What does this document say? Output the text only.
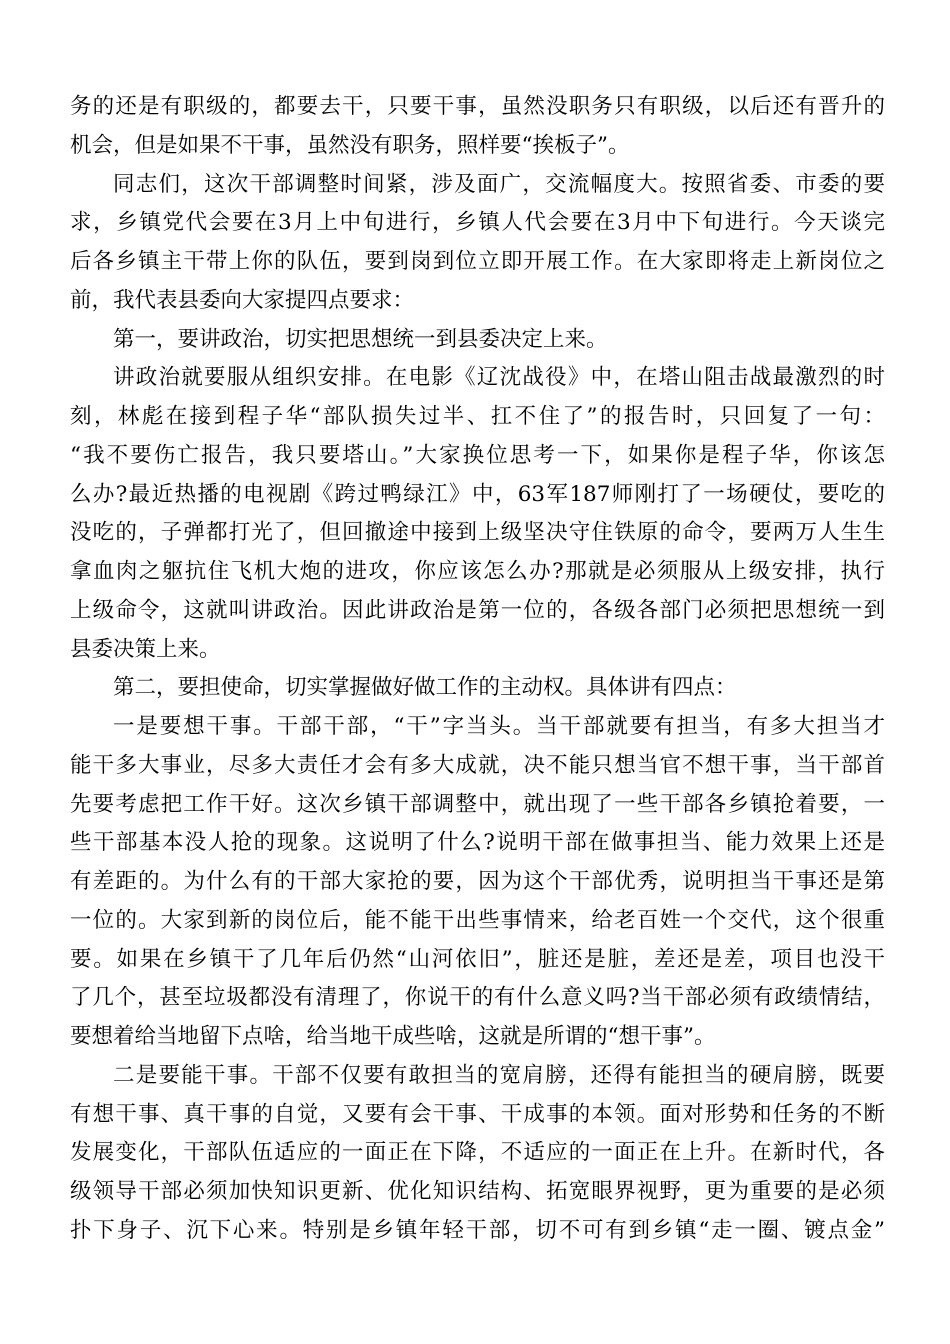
务的还是有职级的，都要去干，只要干事，虽然没职务只有职级，以后还有晋升的
机会，但是如果不干事，虽然没有职务，照样要“挨板子”。
同志们，这次干部调整时间紧，涉及面广，交流幅度大。按照省委、市委的要
求，乡镇党代会要在3月上中旬进行，乡镇人代会要在3月中下旬进行。今天谈完
后各乡镇主干带上你的队伍，要到岗到位立即开展工作。在大家即将走上新岗位之
前，我代表县委向大家提四点要求：
第一，要讲政治，切实把思想统一到县委决定上来。
讲政治就要服从组织安排。在电影《辽沈战役》中，在塔山阻击战最激烈的时
刻，林彪在接到程子华“部队损失过半、扛不住了”的报告时，只回复了一句：
“我不要伤亡报告，我只要塔山。”大家换位思考一下，如果你是程子华，你该怎
么办?最近热播的电视剧《跨过鸭绿江》中，63军187师刚打了一场硬仗，要吃的
没吃的，子弹都打光了，但回撤途中接到上级坚决守住铁原的命令，要两万人生生
拿血肉之躯抗住飞机大炮的进攻，你应该怎么办?那就是必须服从上级安排，执行
上级命令，这就叫讲政治。因此讲政治是第一位的，各级各部门必须把思想统一到
县委决策上来。
第二，要担使命，切实掌握做好做工作的主动权。具体讲有四点：
一是要想干事。干部干部，“干”字当头。当干部就要有担当，有多大担当才
能干多大事业，尽多大责任才会有多大成就，决不能只想当官不想干事，当干部首
先要考虑把工作干好。这次乡镇干部调整中，就出现了一些干部各乡镇抢着要，一
些干部基本没人抢的现象。这说明了什么?说明干部在做事担当、能力效果上还是
有差距的。为什么有的干部大家抢的要，因为这个干部优秀，说明担当干事还是第
一位的。大家到新的岗位后，能不能干出些事情来，给老百姓一个交代，这个很重
要。如果在乡镇干了几年后仍然“山河依旧”，脏还是脏，差还是差，项目也没干
了几个，甚至垃圾都没有清理了，你说干的有什么意义吗?当干部必须有政绩情结，
要想着给当地留下点啥，给当地干成些啥，这就是所谓的“想干事”。
二是要能干事。干部不仅要有敢担当的宽肩膀，还得有能担当的硬肩膀，既要
有想干事、真干事的自觉，又要有会干事、干成事的本领。面对形势和任务的不断
发展变化，干部队伍适应的一面正在下降，不适应的一面正在上升。在新时代，各
级领导干部必须加快知识更新、优化知识结构、拓宽眼界视野，更为重要的是必须
扑下身子、沉下心来。特别是乡镇年轻干部，切不可有到乡镇“走一圈、镀点金”
